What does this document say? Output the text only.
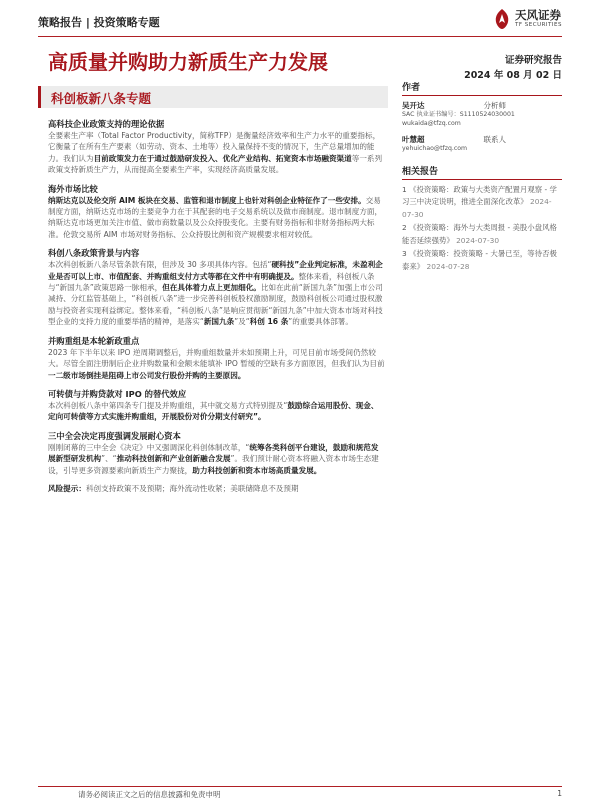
策略报告 | 投资策略专题
天风证券
TF SECURITIES
高质量并购助力新质生产力发展	证券研究报告
2024 年 08 月 02 日
科创板新八条专题
高科技企业政策支持的理论依据
全要素生产率（Total Factor Productivity，简称TFP）是衡量经济效率和生产力水平的重要指标，它衡量了在所有生产要素（如劳动、资本、土地等）投入量保持不变的情况下，生产总量增加的能力。我们认为目前政策发力在于通过鼓励研发投入、优化产业结构、拓宽资本市场融资渠道等一系列政策支持新质生产力，从而提高全要素生产率，实现经济高质量发展。
海外市场比较
纳斯达克以及伦交所 AIM 板块在交易、监管和退市制度上也针对科创企业特征作了一些安排。交易制度方面，纳斯达克市场的主要竞争力在于其配套的电子交易系统以及做市商制度。退市制度方面，纳斯达克市场更加关注市值、做市商数量以及公众持股变化。主要有财务指标和非财务指标两大标准。伦敦交易所 AIM 市场对财务指标、公众持股比例和资产规模要求相对较低。
科创八条政策背景与内容
本次科创板新八条尽管条款有限，但涉及 30 多项具体内容。包括“硬科技”企业判定标准，未盈利企业是否可以上市、市值配套、并购重组支付方式等都在文件中有明确提及。整体来看，科创板八条与“新国九条”政策思路一脉相承，但在具体着力点上更加细化。比如在此前“新国九条”加强上市公司减持、分红监管基础上，“科创板八条”进一步完善科创板股权激励制度，鼓励科创板公司通过股权激励与投资者实现利益绑定。整体来看，“科创板八条”是响应贯彻新“新国九条”中加大资本市场对科技型企业的支持力度的重要举措的精神，是落实“新国九条”及“科创 16 条”的重要具体部署。
并购重组是本轮新政重点
2023 年下半年以来 IPO 逆周期调整后，并购重组数量并未如预期上升，可见目前市场受间仍然较大。尽管全面注册制后企业并购数量和金额未能填补 IPO 暂缓的空缺有多方面原因，但我们认为目前一二级市场倒挂是阻碍上市公司发行股份并购的主要原因。
可转债与并购贷款对 IPO 的替代效应
本次科创板八条中第四条专门提及并购重组，其中就交易方式特别提及“鼓励综合运用股份、现金、定向可转债等方式实施并购重组，开展股份对价分期支付研究”。
三中全会决定再度强调发展耐心资本
刚刚闭幕的三中全会《决定》中又强调深化科创体制改革，“统筹各类科创平台建设，鼓励和规范发展新型研发机构”、“推动科技创新和产业创新融合发展”。我们预计耐心资本将融入资本市场生态建设，引导更多资源要素向新质生产力聚拢，助力科技创新和资本市场高质量发展。
风险提示：科创支持政策不及预期；海外流动性收紧；美联储降息不及预期
作者
吴开达	分析师
SAC 执业证书编号：S1110524030001
wukaida@tfzq.com
叶慧超	联系人
yehuichao@tfzq.com
相关报告
1 《投资策略：政策与大类资产配置月观察 - 学习三中决定说明，推进全面深化改革》 2024-07-30
2 《投资策略：海外与大类周报 - 美股小盘风格能否延续强势》 2024-07-30
3 《投资策略：投资策略 - 大暑已至，等待否极泰来》 2024-07-28
请务必阅读正文之后的信息披露和免责申明	1
